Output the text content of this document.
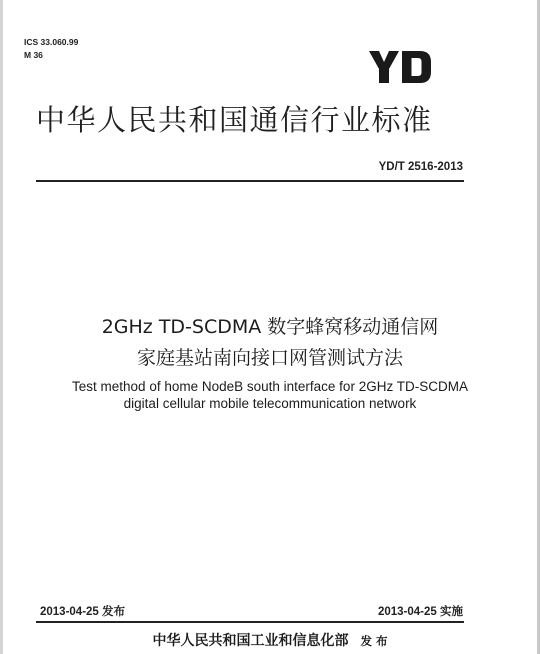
ICS 33.060.99
M 36
中华人民共和国通信行业标准
YD/T 2516-2013
2GHz TD-SCDMA 数字蜂窝移动通信网
家庭基站南向接口网管测试方法
Test method of home NodeB south interface for 2GHz TD-SCDMA
digital cellular mobile telecommunication network
2013-04-25 发布	2013-04-25 实施
中华人民共和国工业和信息化部 发 布
